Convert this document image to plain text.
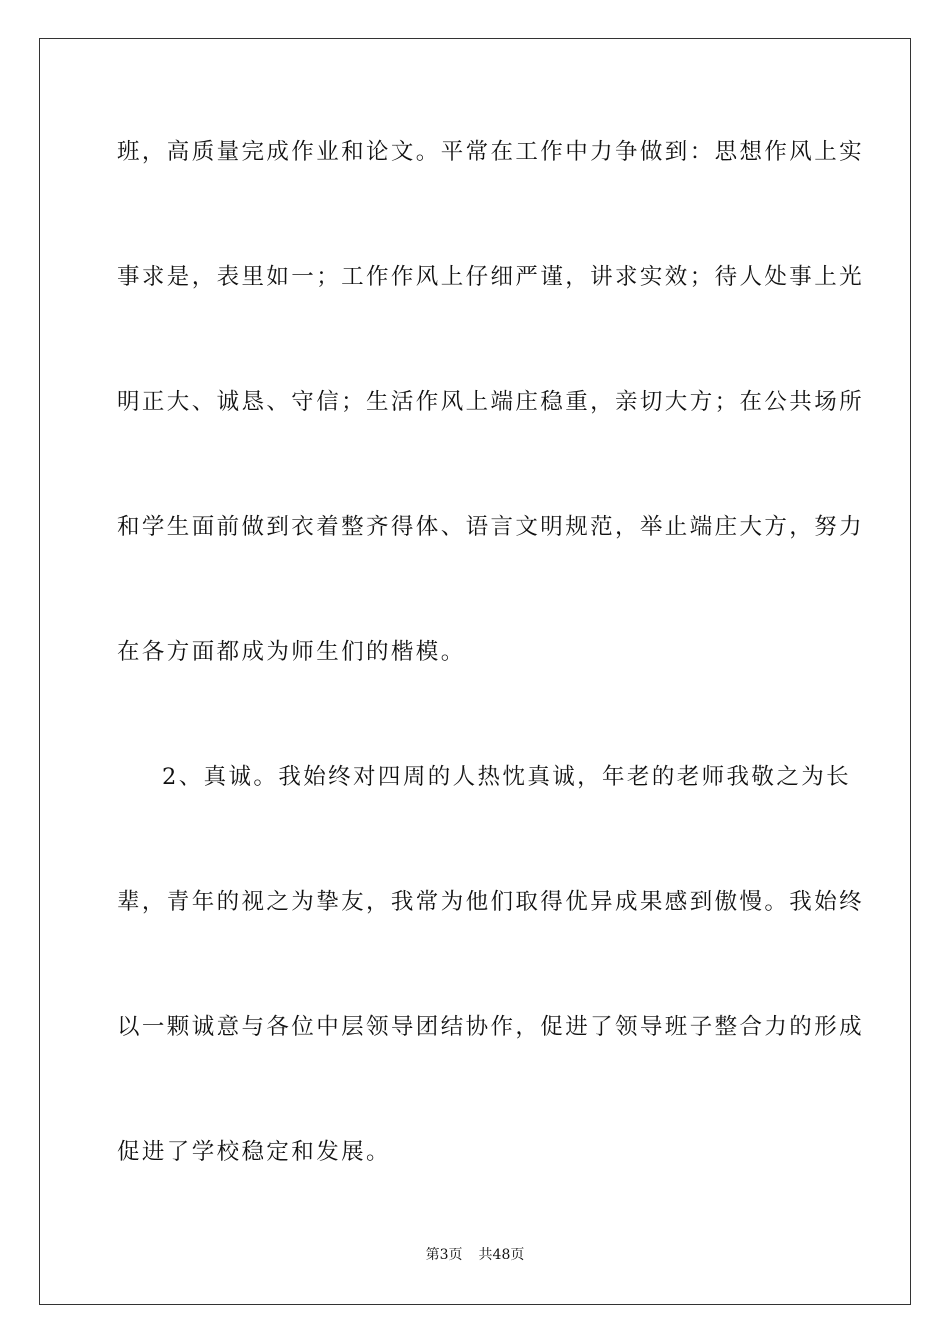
班，高质量完成作业和论文。平常在工作中力争做到：思想作风上实
事求是，表里如一；工作作风上仔细严谨，讲求实效；待人处事上光
明正大、诚恳、守信；生活作风上端庄稳重，亲切大方；在公共场所
和学生面前做到衣着整齐得体、语言文明规范，举止端庄大方，努力
在各方面都成为师生们的楷模。
2、真诚。我始终对四周的人热忱真诚，年老的老师我敬之为长
辈，青年的视之为挚友，我常为他们取得优异成果感到傲慢。我始终
以一颗诚意与各位中层领导团结协作，促进了领导班子整合力的形成
促进了学校稳定和发展。
第3页 共48页
